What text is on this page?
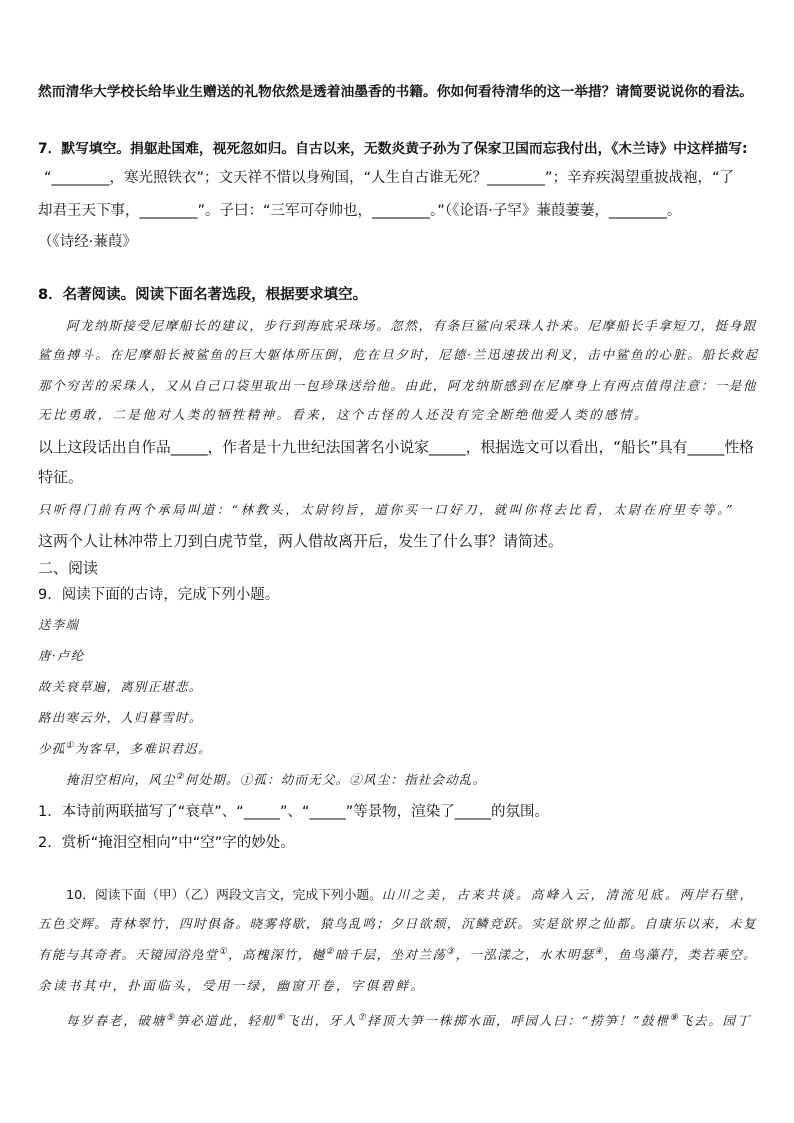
然而清华大学校长给毕业生赠送的礼物依然是透着油墨香的书籍。你如何看待清华的这一举措？请简要说说你的看法。
7．默写填空。捐躯赴国难，视死忽如归。自古以来，无数炎黄子孙为了保家卫国而忘我付出，《木兰诗》中这样描写:
“________，寒光照铁衣”；文天祥不惜以身殉国，“人生自古谁无死？________”；辛弃疾渴望重披战袍，“了
却君王天下事，________”。子曰：“三军可夺帅也，________。”（《论语·子罕》蒹葭萋萋，________。
（《诗经·蒹葭》
8．名著阅读。阅读下面名著选段，根据要求填空。
阿龙纳斯接受尼摩船长的建议，步行到海底采珠场。忽然，有条巨鲨向采珠人扑来。尼摩船长手拿短刀，挺身跟
鲨鱼搏斗。在尼摩船长被鲨鱼的巨大躯体所压倒，危在旦夕时，尼德·兰迅速拔出利叉，击中鲨鱼的心脏。船长救起
那个穷苦的采珠人，又从自己口袋里取出一包珍珠送给他。由此，阿龙纳斯感到在尼摩身上有两点值得注意：一是他
无比勇敢，二是他对人类的牺牲精神。看来，这个古怪的人还没有完全断绝他爱人类的感情。
以上这段话出自作品_____，作者是十九世纪法国著名小说家_____，根据选文可以看出，“船长”具有_____性格
特征。
只听得门前有两个承局叫道：“林教头，太尉钧旨，道你买一口好刀，就叫你将去比看，太尉在府里专等。”
这两个人让林冲带上刀到白虎节堂，两人借故离开后，发生了什么事？请简述。
二、阅读
9．阅读下面的古诗，完成下列小题。
送李端
唐·卢纶
故关衰草遍，离别正堪悲。
路出寒云外，人归暮雪时。
少孤①为客早，多难识君迟。
掩泪空相向，风尘②何处期。①孤：幼而无父。②风尘：指社会动乱。
1．本诗前两联描写了“衰草”、“_____”、“_____”等景物，渲染了_____的氛围。
2．赏析“掩泪空相向”中“空”字的妙处。
10．阅读下面（甲）（乙）两段文言文，完成下列小题。山川之美，古来共谈。高峰入云，清流见底。两岸石壁，
五色交辉。青林翠竹，四时俱备。晓雾将歇，猿鸟乱鸣；夕日欲颓，沉鳞竞跃。实是欲界之仙都。自康乐以来，未复
有能与其奇者。天镜园浴凫堂①，高槐深竹，樾②暗千层，坐对兰荡③，一泓漾之，水木明瑟④，鱼鸟藻荇，类若乘空。
余读书其中，扑面临头，受用一绿，幽窗开卷，字俱碧鲜。
每岁春老，破塘⑤笋必道此，轻舠⑥飞出，牙人⑦择顶大笋一株掷水面，呼园人曰：“捞笋！”鼓枻⑧飞去。园丁
